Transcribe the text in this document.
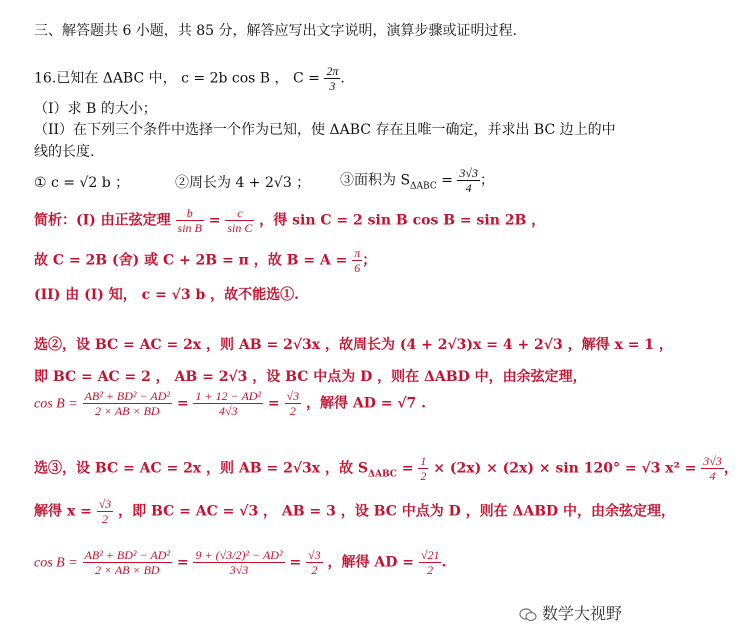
三、解答题共 6 小题，共 85 分，解答应写出文字说明，演算步骤或证明过程.
16.已知在 ΔABC 中， c = 2b cos B ， $C = \frac{2\pi}{3}$ .
（I）求 B 的大小；
（II）在下列三个条件中选择一个作为已知，使 ΔABC 存在且唯一确定，并求出 BC 边上的中
线的长度.
① c = √2 b ；	②周长为 4 + 2√3 ； ③面积为 $S_{\Delta ABC} = \frac{3√3}{4}$ ；
简析：(I) 由正弦定理 $\frac{b}{\text{sin B}} = \frac{c}{\text{sin C}}$ ，得 sin C = 2 sin B cos B = sin 2B ，
故 C = 2B (舍) 或 C + 2B = π ，故 $B = A = \frac{\pi}{6}$ ；
(II) 由 (I) 知， c = √3 b ，故不能选①.
选②，设 BC = AC = 2x ，则 AB = 2√3x ，故周长为 (4 + 2√3)x = 4 + 2√3 ，解得 x = 1 ，
即 BC = AC = 2 ， AB = 2√3 ，设 BC 中点为 D ，则在 ΔABD 中，由余弦定理，
$\cos B = \frac{\text{AB² + BD² − AD²}}{2 \times AB \times BD} = \frac{\text{1 + 12 − AD²}}{4√3} = \frac{√3}{2}$ ，解得 AD = √7 .
选③，设 BC = AC = 2x ，则 AB = 2√3x ，故 $S_{\Delta ABC} = \frac{1}{2} \times (2x) \times (2x) \times \sin 120^\circ = √3$ $x^2 = \frac{3√3}{4}$ ，
解得 $x = \frac{√3}{2}$ ，即 BC = AC = √3 ， AB = 3 ，设 BC 中点为 D ，则在 ΔABD 中，由余弦定理，
$\cos B = \frac{\text{AB² + BD² − AD²}}{2 \times AB \times BD} = \frac{\text{9 + (√3/2)² − AD²}}{3√3} = \frac{√3}{2}$ ，解得 AD = $\frac{√21}{2}$ .
数学大视野
